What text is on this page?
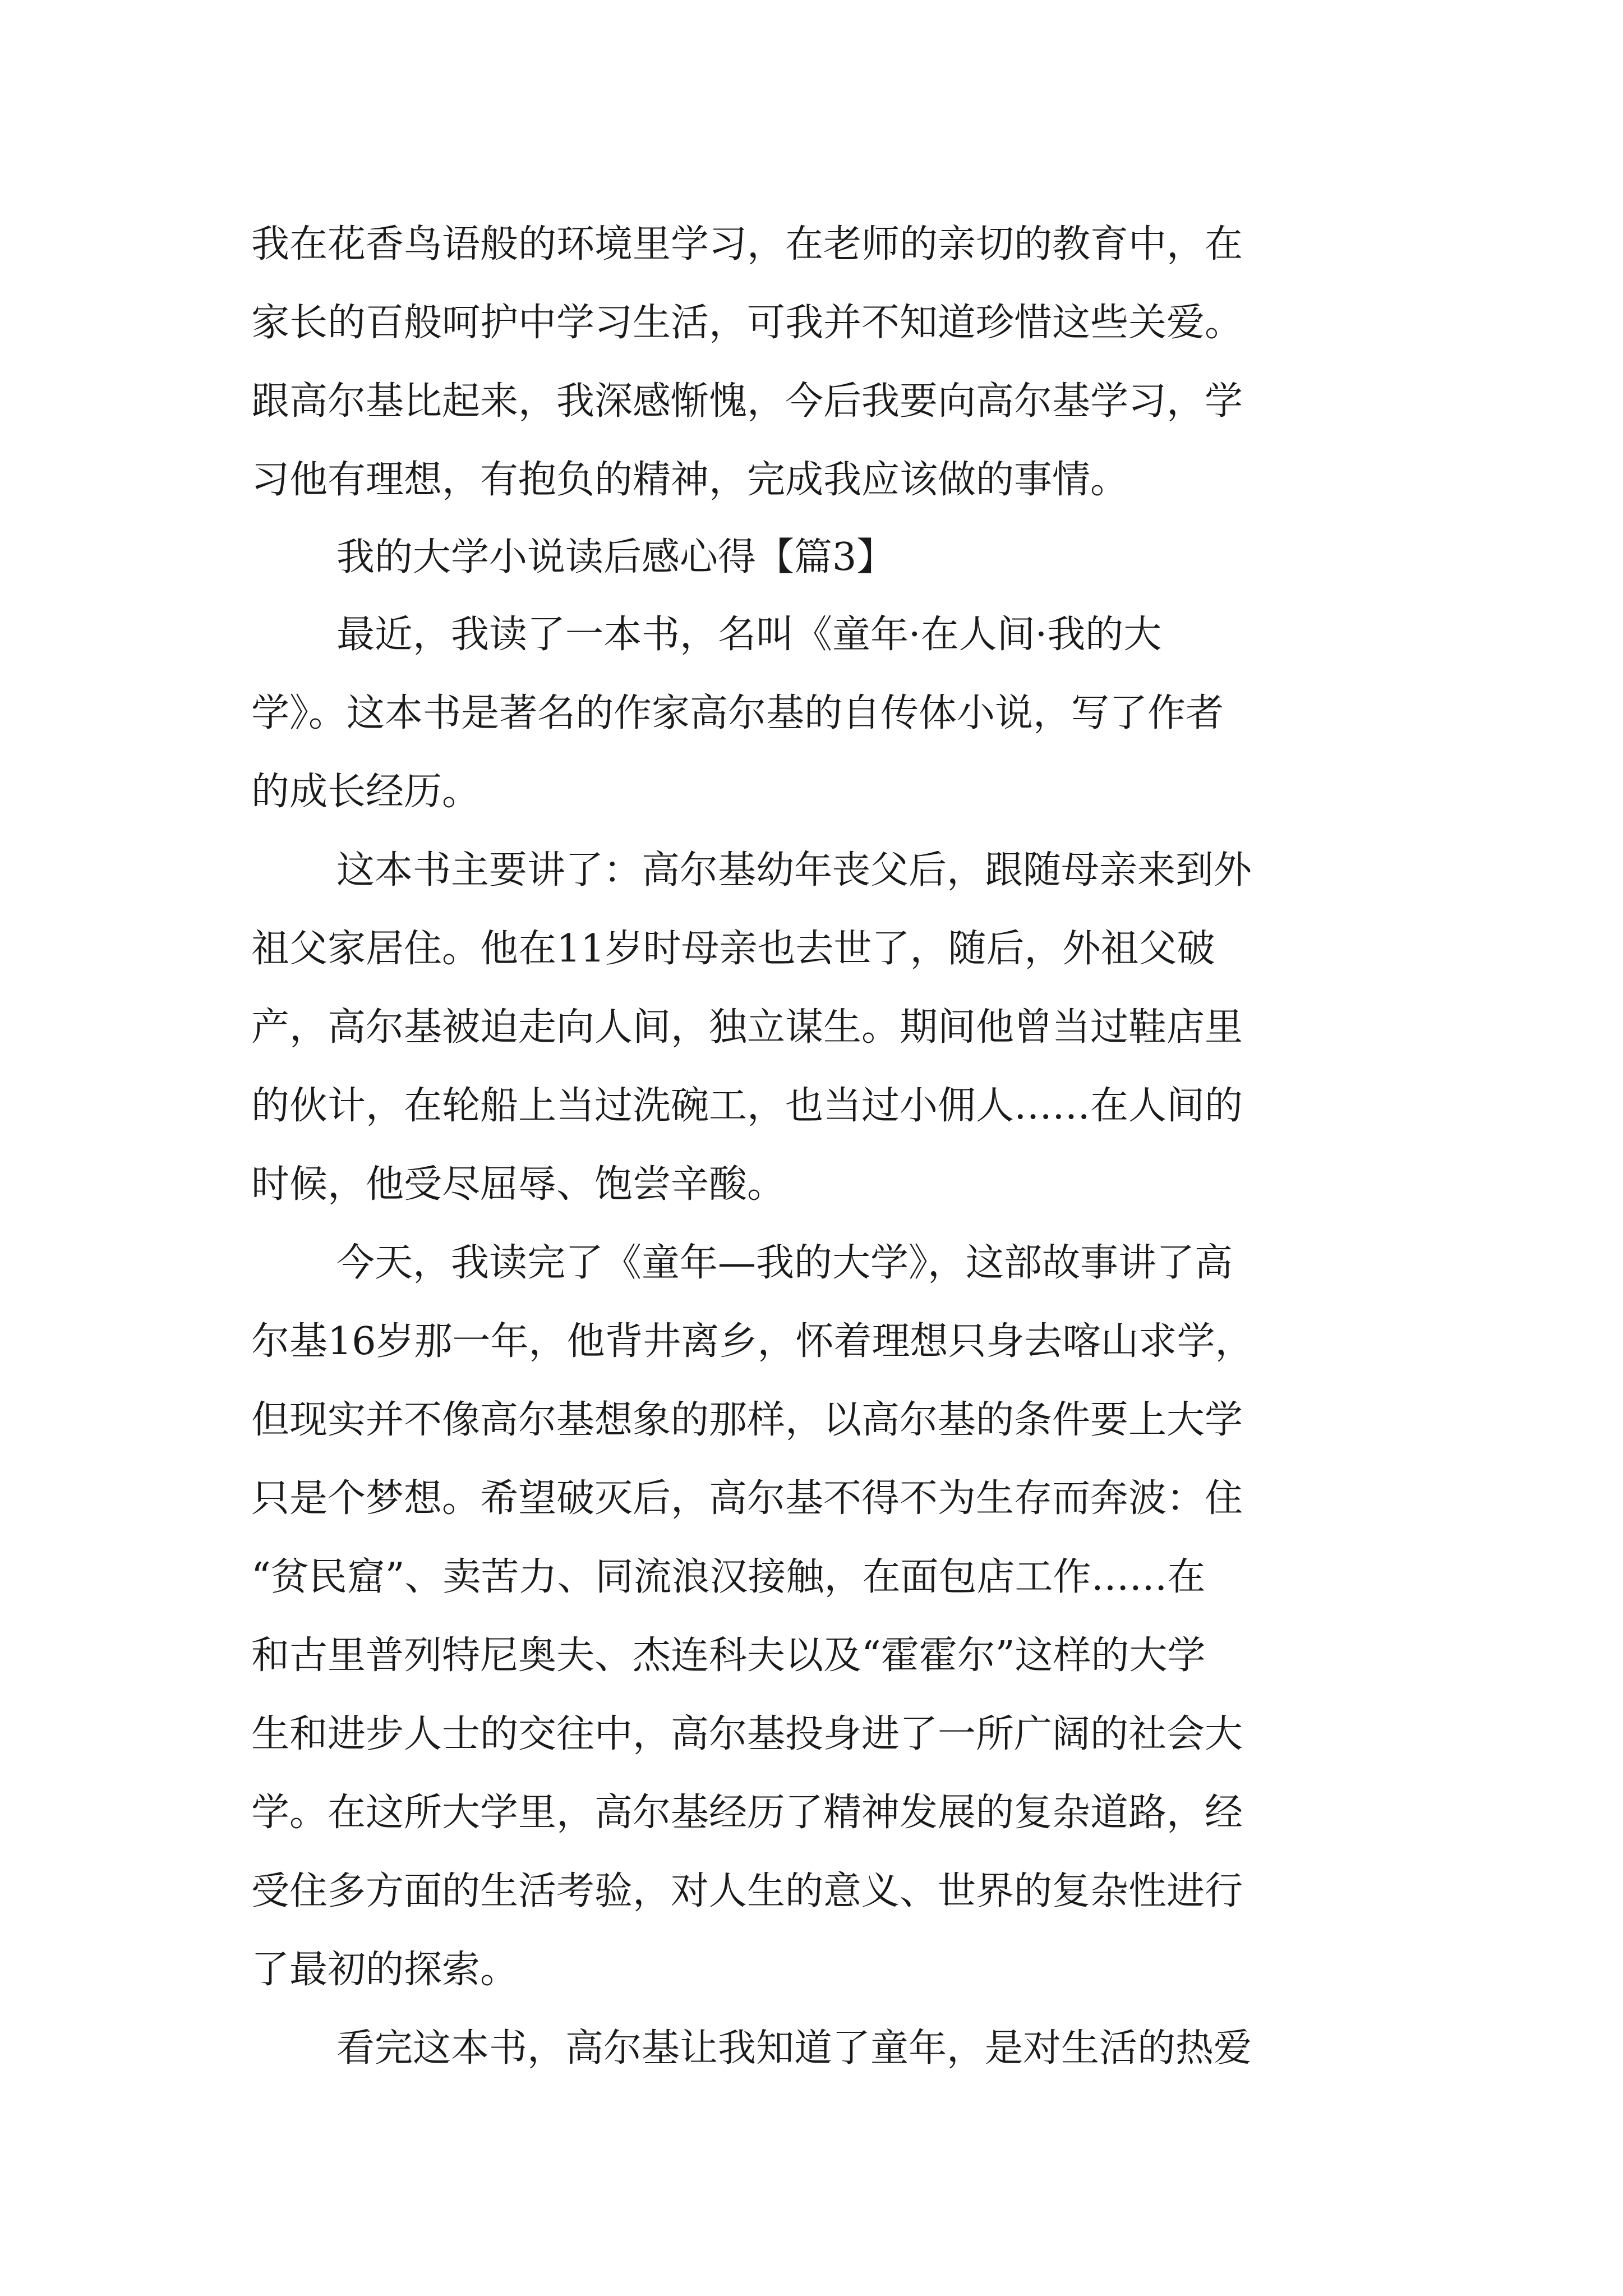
我在花香鸟语般的环境里学习，在老师的亲切的教育中，在
家长的百般呵护中学习生活，可我并不知道珍惜这些关爱。
跟高尔基比起来，我深感惭愧，今后我要向高尔基学习，学
习他有理想，有抱负的精神，完成我应该做的事情。
我的大学小说读后感心得【篇3】
最近，我读了一本书，名叫《童年·在人间·我的大
学》。这本书是著名的作家高尔基的自传体小说，写了作者
的成长经历。
这本书主要讲了：高尔基幼年丧父后，跟随母亲来到外
祖父家居住。他在11岁时母亲也去世了，随后，外祖父破
产，高尔基被迫走向人间，独立谋生。期间他曾当过鞋店里
的伙计，在轮船上当过洗碗工，也当过小佣人……在人间的
时候，他受尽屈辱、饱尝辛酸。
今天，我读完了《童年—我的大学》，这部故事讲了高
尔基16岁那一年，他背井离乡，怀着理想只身去喀山求学，
但现实并不像高尔基想象的那样，以高尔基的条件要上大学
只是个梦想。希望破灭后，高尔基不得不为生存而奔波：住
“贫民窟”、卖苦力、同流浪汉接触，在面包店工作……在
和古里普列特尼奥夫、杰连科夫以及“霍霍尔”这样的大学
生和进步人士的交往中，高尔基投身进了一所广阔的社会大
学。在这所大学里，高尔基经历了精神发展的复杂道路，经
受住多方面的生活考验，对人生的意义、世界的复杂性进行
了最初的探索。
看完这本书，高尔基让我知道了童年，是对生活的热爱
